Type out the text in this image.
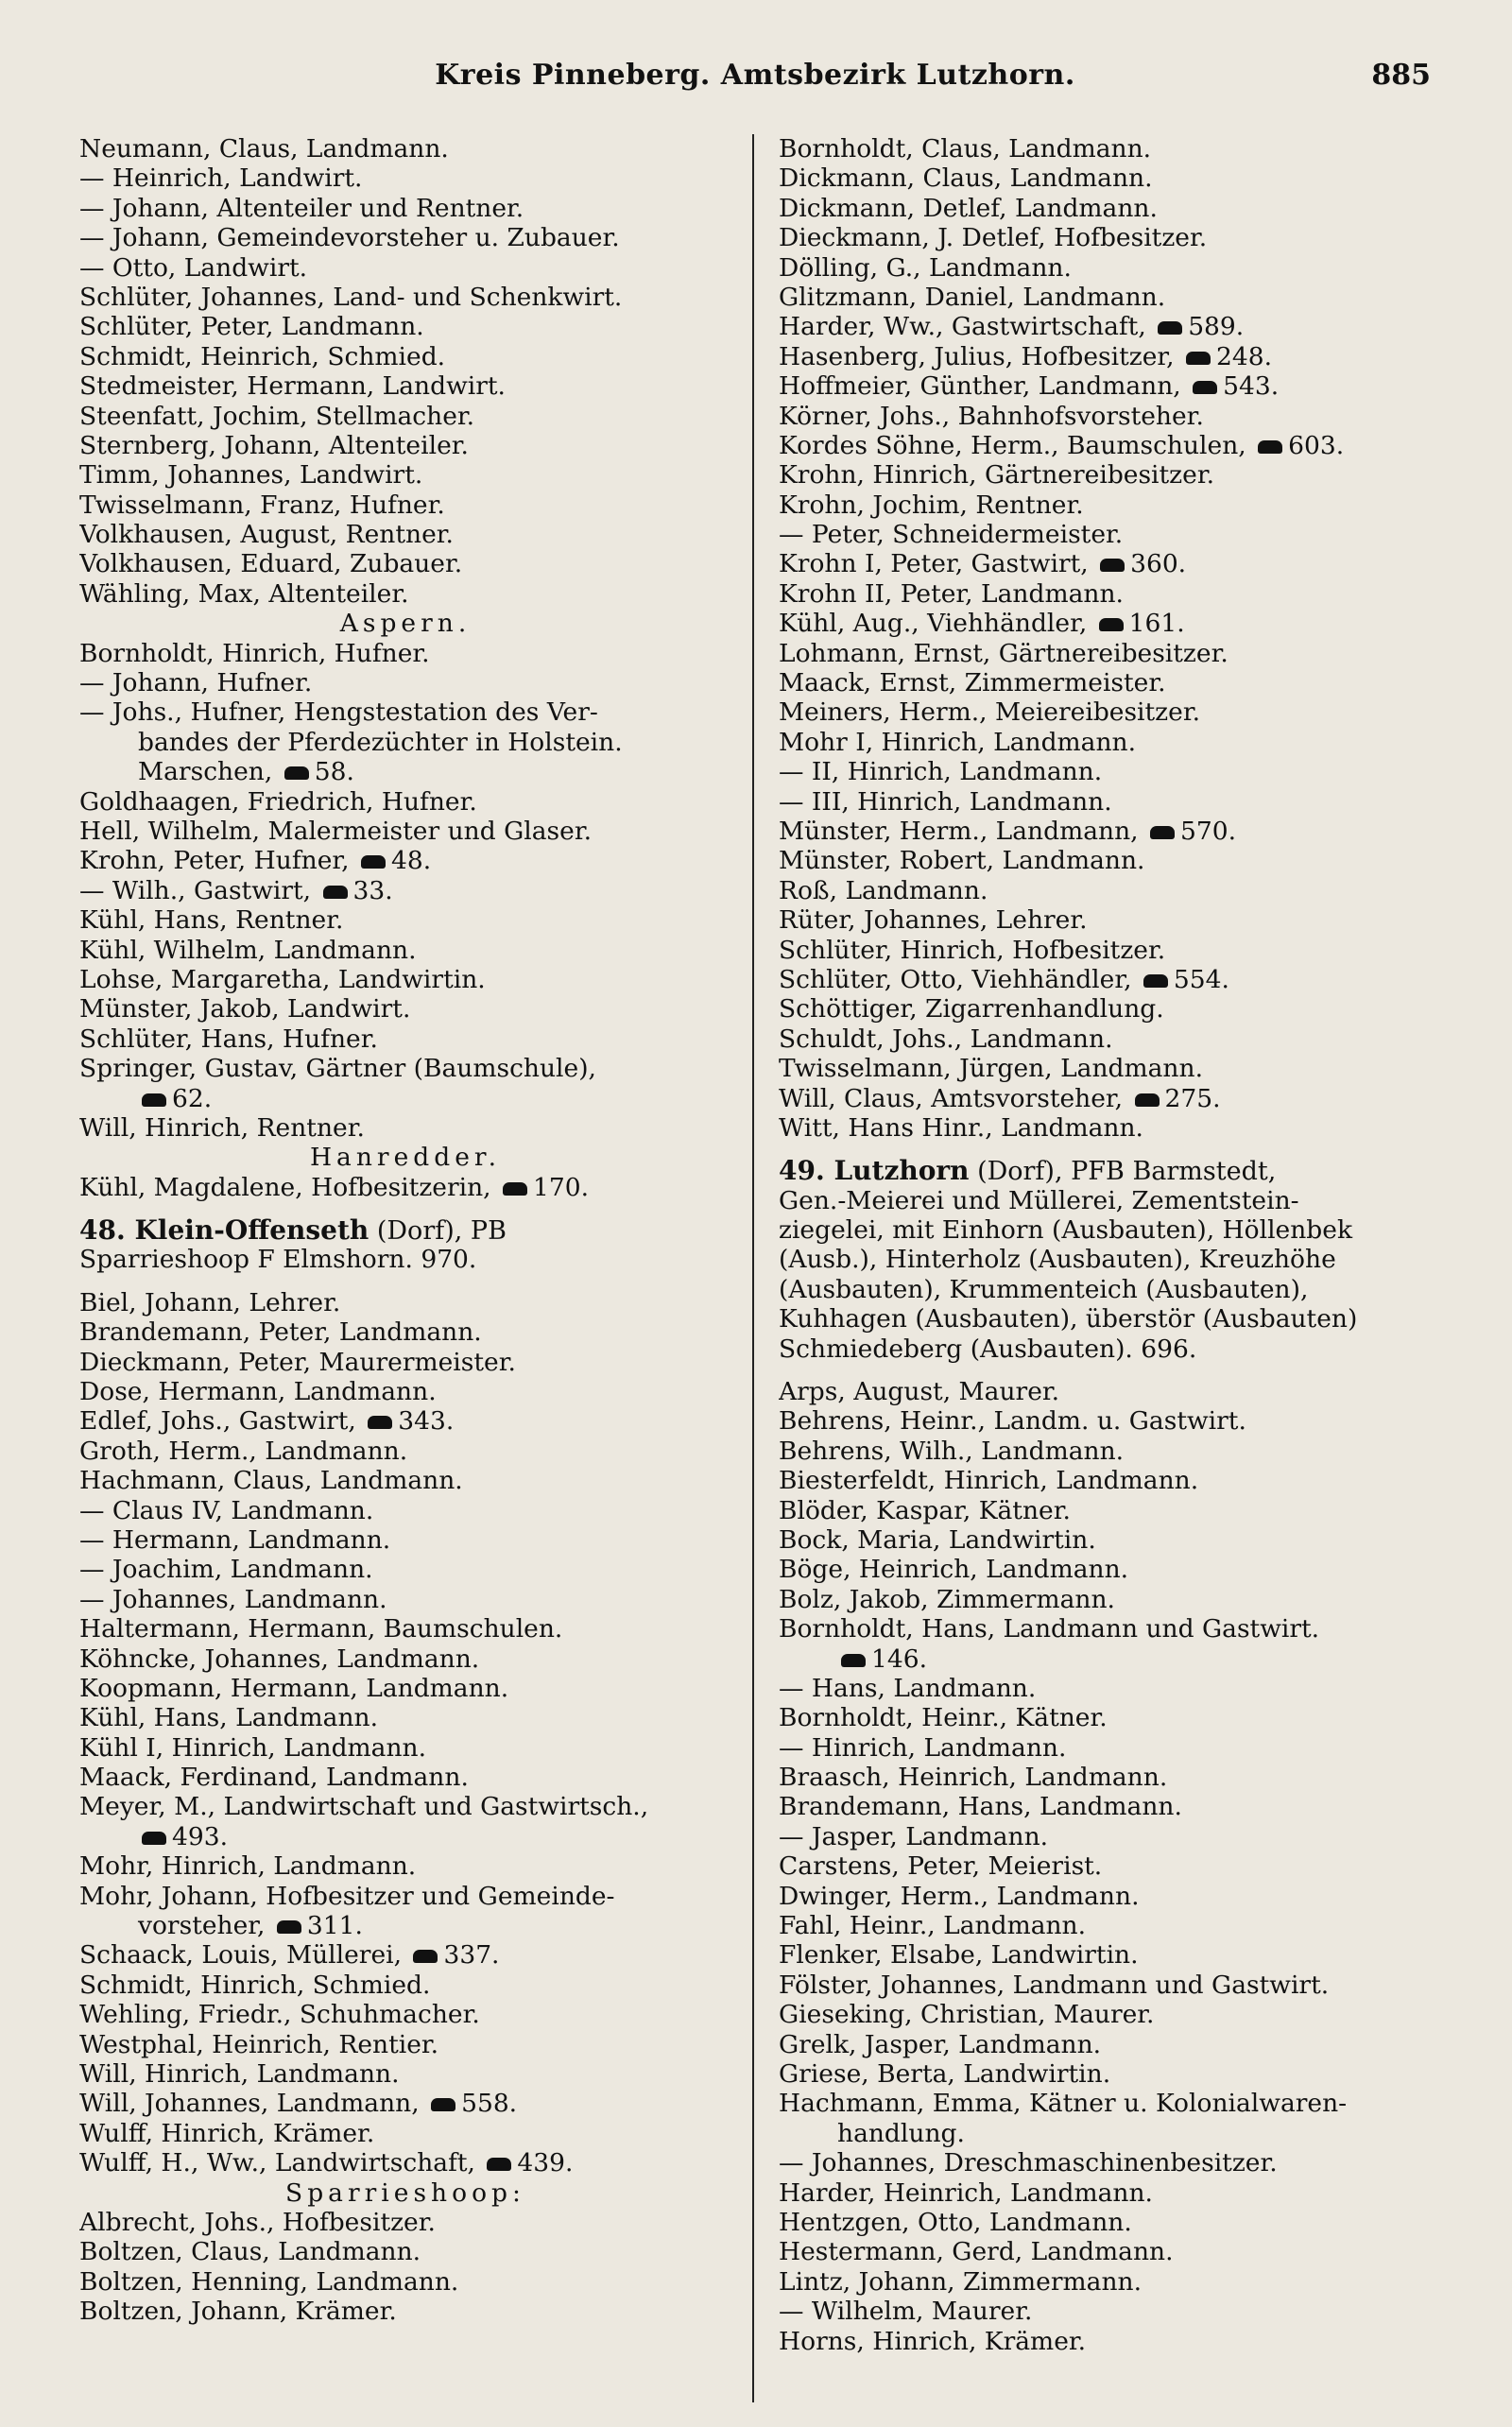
Kreis Pinneberg. Amtsbezirk Lutzhorn.	885
Neumann, Claus, Landmann.
— Heinrich, Landwirt.
— Johann, Altenteiler und Rentner.
— Johann, Gemeindevorsteher u. Zubauer.
— Otto, Landwirt.
Schlüter, Johannes, Land- und Schenkwirt.
Schlüter, Peter, Landmann.
Schmidt, Heinrich, Schmied.
Stedmeister, Hermann, Landwirt.
Steenfatt, Jochim, Stellmacher.
Sternberg, Johann, Altenteiler.
Timm, Johannes, Landwirt.
Twisselmann, Franz, Hufner.
Volkhausen, August, Rentner.
Volkhausen, Eduard, Zubauer.
Wähling, Max, Altenteiler.
Aspern.
Bornholdt, Hinrich, Hufner.
— Johann, Hufner.
— Johs., Hufner, Hengstestation des Ver-
bandes der Pferdezüchter in Holstein.
Marschen, 58.
Goldhaagen, Friedrich, Hufner.
Hell, Wilhelm, Malermeister und Glaser.
Krohn, Peter, Hufner, 48.
— Wilh., Gastwirt, 33.
Kühl, Hans, Rentner.
Kühl, Wilhelm, Landmann.
Lohse, Margaretha, Landwirtin.
Münster, Jakob, Landwirt.
Schlüter, Hans, Hufner.
Springer, Gustav, Gärtner (Baumschule),
62.
Will, Hinrich, Rentner.
Hanredder.
Kühl, Magdalene, Hofbesitzerin, 170.
48. Klein-Offenseth (Dorf), PB
Sparrieshoop F Elmshorn. 970.
Biel, Johann, Lehrer.
Brandemann, Peter, Landmann.
Dieckmann, Peter, Maurermeister.
Dose, Hermann, Landmann.
Edlef, Johs., Gastwirt, 343.
Groth, Herm., Landmann.
Hachmann, Claus, Landmann.
— Claus IV, Landmann.
— Hermann, Landmann.
— Joachim, Landmann.
— Johannes, Landmann.
Haltermann, Hermann, Baumschulen.
Köhncke, Johannes, Landmann.
Koopmann, Hermann, Landmann.
Kühl, Hans, Landmann.
Kühl I, Hinrich, Landmann.
Maack, Ferdinand, Landmann.
Meyer, M., Landwirtschaft und Gastwirtsch.,
493.
Mohr, Hinrich, Landmann.
Mohr, Johann, Hofbesitzer und Gemeinde-
vorsteher, 311.
Schaack, Louis, Müllerei, 337.
Schmidt, Hinrich, Schmied.
Wehling, Friedr., Schuhmacher.
Westphal, Heinrich, Rentier.
Will, Hinrich, Landmann.
Will, Johannes, Landmann, 558.
Wulff, Hinrich, Krämer.
Wulff, H., Ww., Landwirtschaft, 439.
Sparrieshoop:
Albrecht, Johs., Hofbesitzer.
Boltzen, Claus, Landmann.
Boltzen, Henning, Landmann.
Boltzen, Johann, Krämer.
Bornholdt, Claus, Landmann.
Dickmann, Claus, Landmann.
Dickmann, Detlef, Landmann.
Dieckmann, J. Detlef, Hofbesitzer.
Dölling, G., Landmann.
Glitzmann, Daniel, Landmann.
Harder, Ww., Gastwirtschaft, 589.
Hasenberg, Julius, Hofbesitzer, 248.
Hoffmeier, Günther, Landmann, 543.
Körner, Johs., Bahnhofsvorsteher.
Kordes Söhne, Herm., Baumschulen, 603.
Krohn, Hinrich, Gärtnereibesitzer.
Krohn, Jochim, Rentner.
— Peter, Schneidermeister.
Krohn I, Peter, Gastwirt, 360.
Krohn II, Peter, Landmann.
Kühl, Aug., Viehhändler, 161.
Lohmann, Ernst, Gärtnereibesitzer.
Maack, Ernst, Zimmermeister.
Meiners, Herm., Meiereibesitzer.
Mohr I, Hinrich, Landmann.
— II, Hinrich, Landmann.
— III, Hinrich, Landmann.
Münster, Herm., Landmann, 570.
Münster, Robert, Landmann.
Roß, Landmann.
Rüter, Johannes, Lehrer.
Schlüter, Hinrich, Hofbesitzer.
Schlüter, Otto, Viehhändler, 554.
Schöttiger, Zigarrenhandlung.
Schuldt, Johs., Landmann.
Twisselmann, Jürgen, Landmann.
Will, Claus, Amtsvorsteher, 275.
Witt, Hans Hinr., Landmann.
49. Lutzhorn (Dorf), PFB Barmstedt,
Gen.-Meierei und Müllerei, Zementstein-
ziegelei, mit Einhorn (Ausbauten), Höllenbek
(Ausb.), Hinterholz (Ausbauten), Kreuzhöhe
(Ausbauten), Krummenteich (Ausbauten),
Kuhhagen (Ausbauten), überstör (Ausbauten)
Schmiedeberg (Ausbauten). 696.
Arps, August, Maurer.
Behrens, Heinr., Landm. u. Gastwirt.
Behrens, Wilh., Landmann.
Biesterfeldt, Hinrich, Landmann.
Blöder, Kaspar, Kätner.
Bock, Maria, Landwirtin.
Böge, Heinrich, Landmann.
Bolz, Jakob, Zimmermann.
Bornholdt, Hans, Landmann und Gastwirt.
146.
— Hans, Landmann.
Bornholdt, Heinr., Kätner.
— Hinrich, Landmann.
Braasch, Heinrich, Landmann.
Brandemann, Hans, Landmann.
— Jasper, Landmann.
Carstens, Peter, Meierist.
Dwinger, Herm., Landmann.
Fahl, Heinr., Landmann.
Flenker, Elsabe, Landwirtin.
Fölster, Johannes, Landmann und Gastwirt.
Gieseking, Christian, Maurer.
Grelk, Jasper, Landmann.
Griese, Berta, Landwirtin.
Hachmann, Emma, Kätner u. Kolonialwaren-
handlung.
— Johannes, Dreschmaschinenbesitzer.
Harder, Heinrich, Landmann.
Hentzgen, Otto, Landmann.
Hestermann, Gerd, Landmann.
Lintz, Johann, Zimmermann.
— Wilhelm, Maurer.
Horns, Hinrich, Krämer.
